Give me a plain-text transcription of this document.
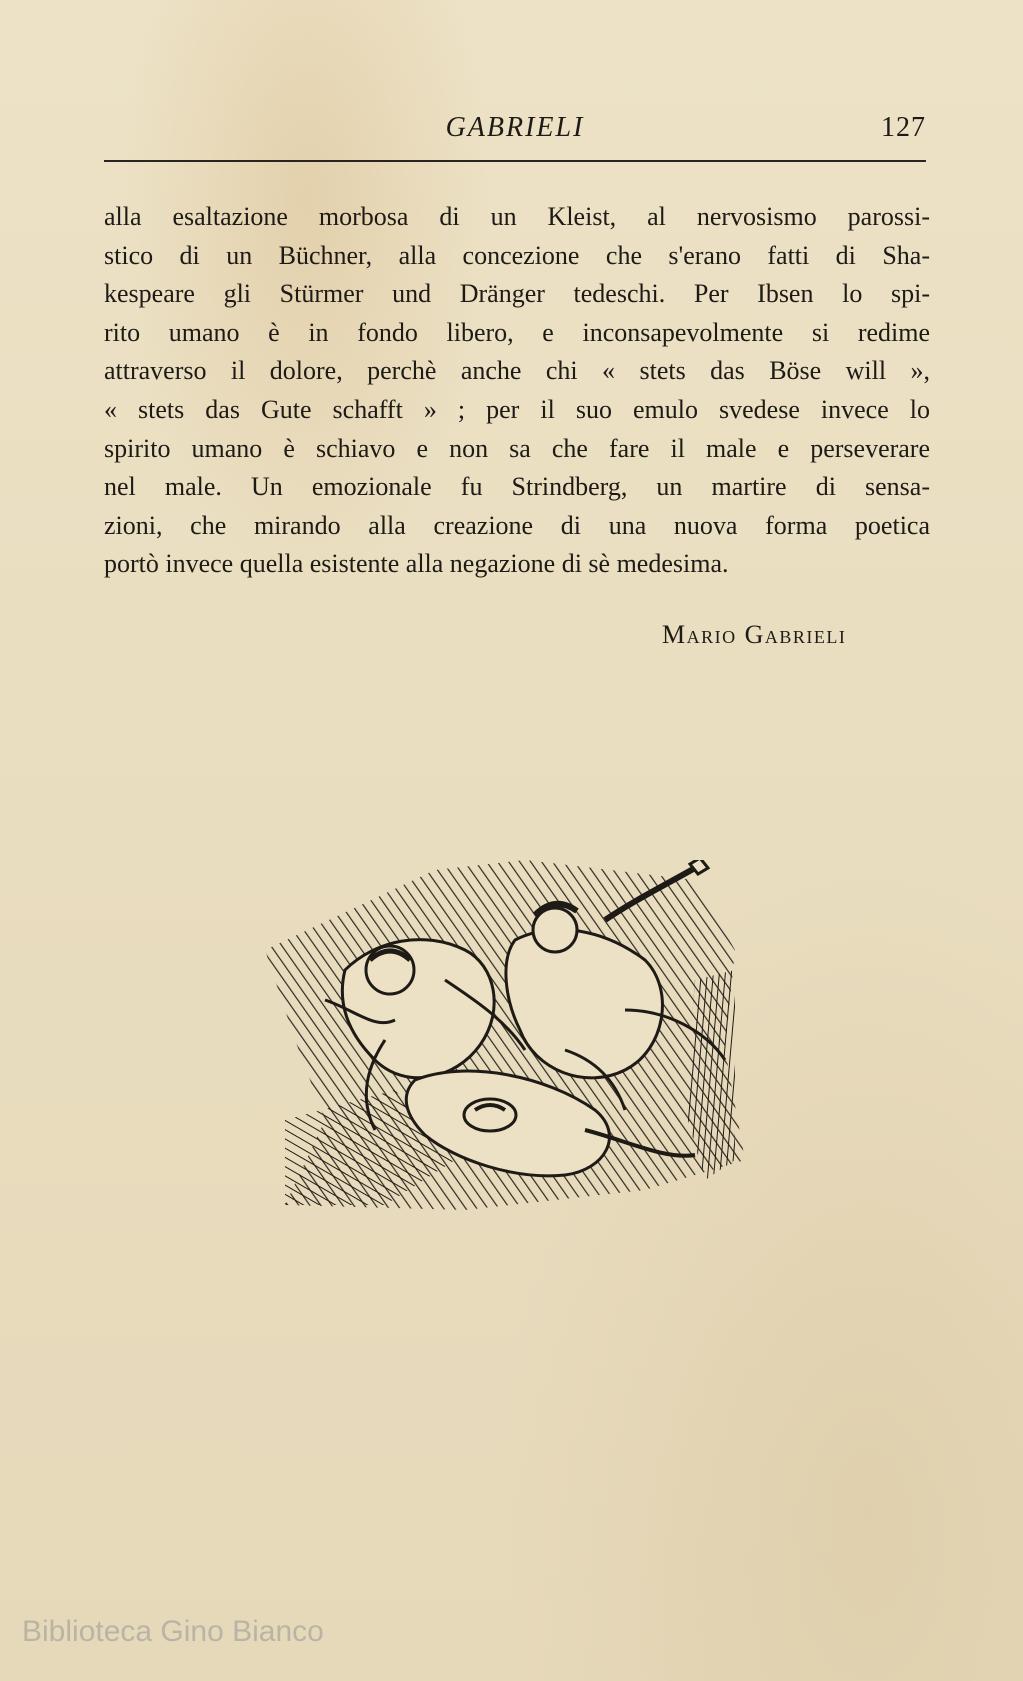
GABRIELI	127
alla esaltazione morbosa di un Kleist, al nervosismo parossi-
stico di un Büchner, alla concezione che s'erano fatti di Sha-
kespeare gli Stürmer und Dränger tedeschi. Per Ibsen lo spi-
rito umano è in fondo libero, e inconsapevolmente si redime
attraverso il dolore, perchè anche chi « stets das Böse will »,
« stets das Gute schafft » ; per il suo emulo svedese invece lo
spirito umano è schiavo e non sa che fare il male e perseverare
nel male. Un emozionale fu Strindberg, un martire di sensa-
zioni, che mirando alla creazione di una nuova forma poetica
portò invece quella esistente alla negazione di sè medesima.
Mario Gabrieli
Biblioteca Gino Bianco
